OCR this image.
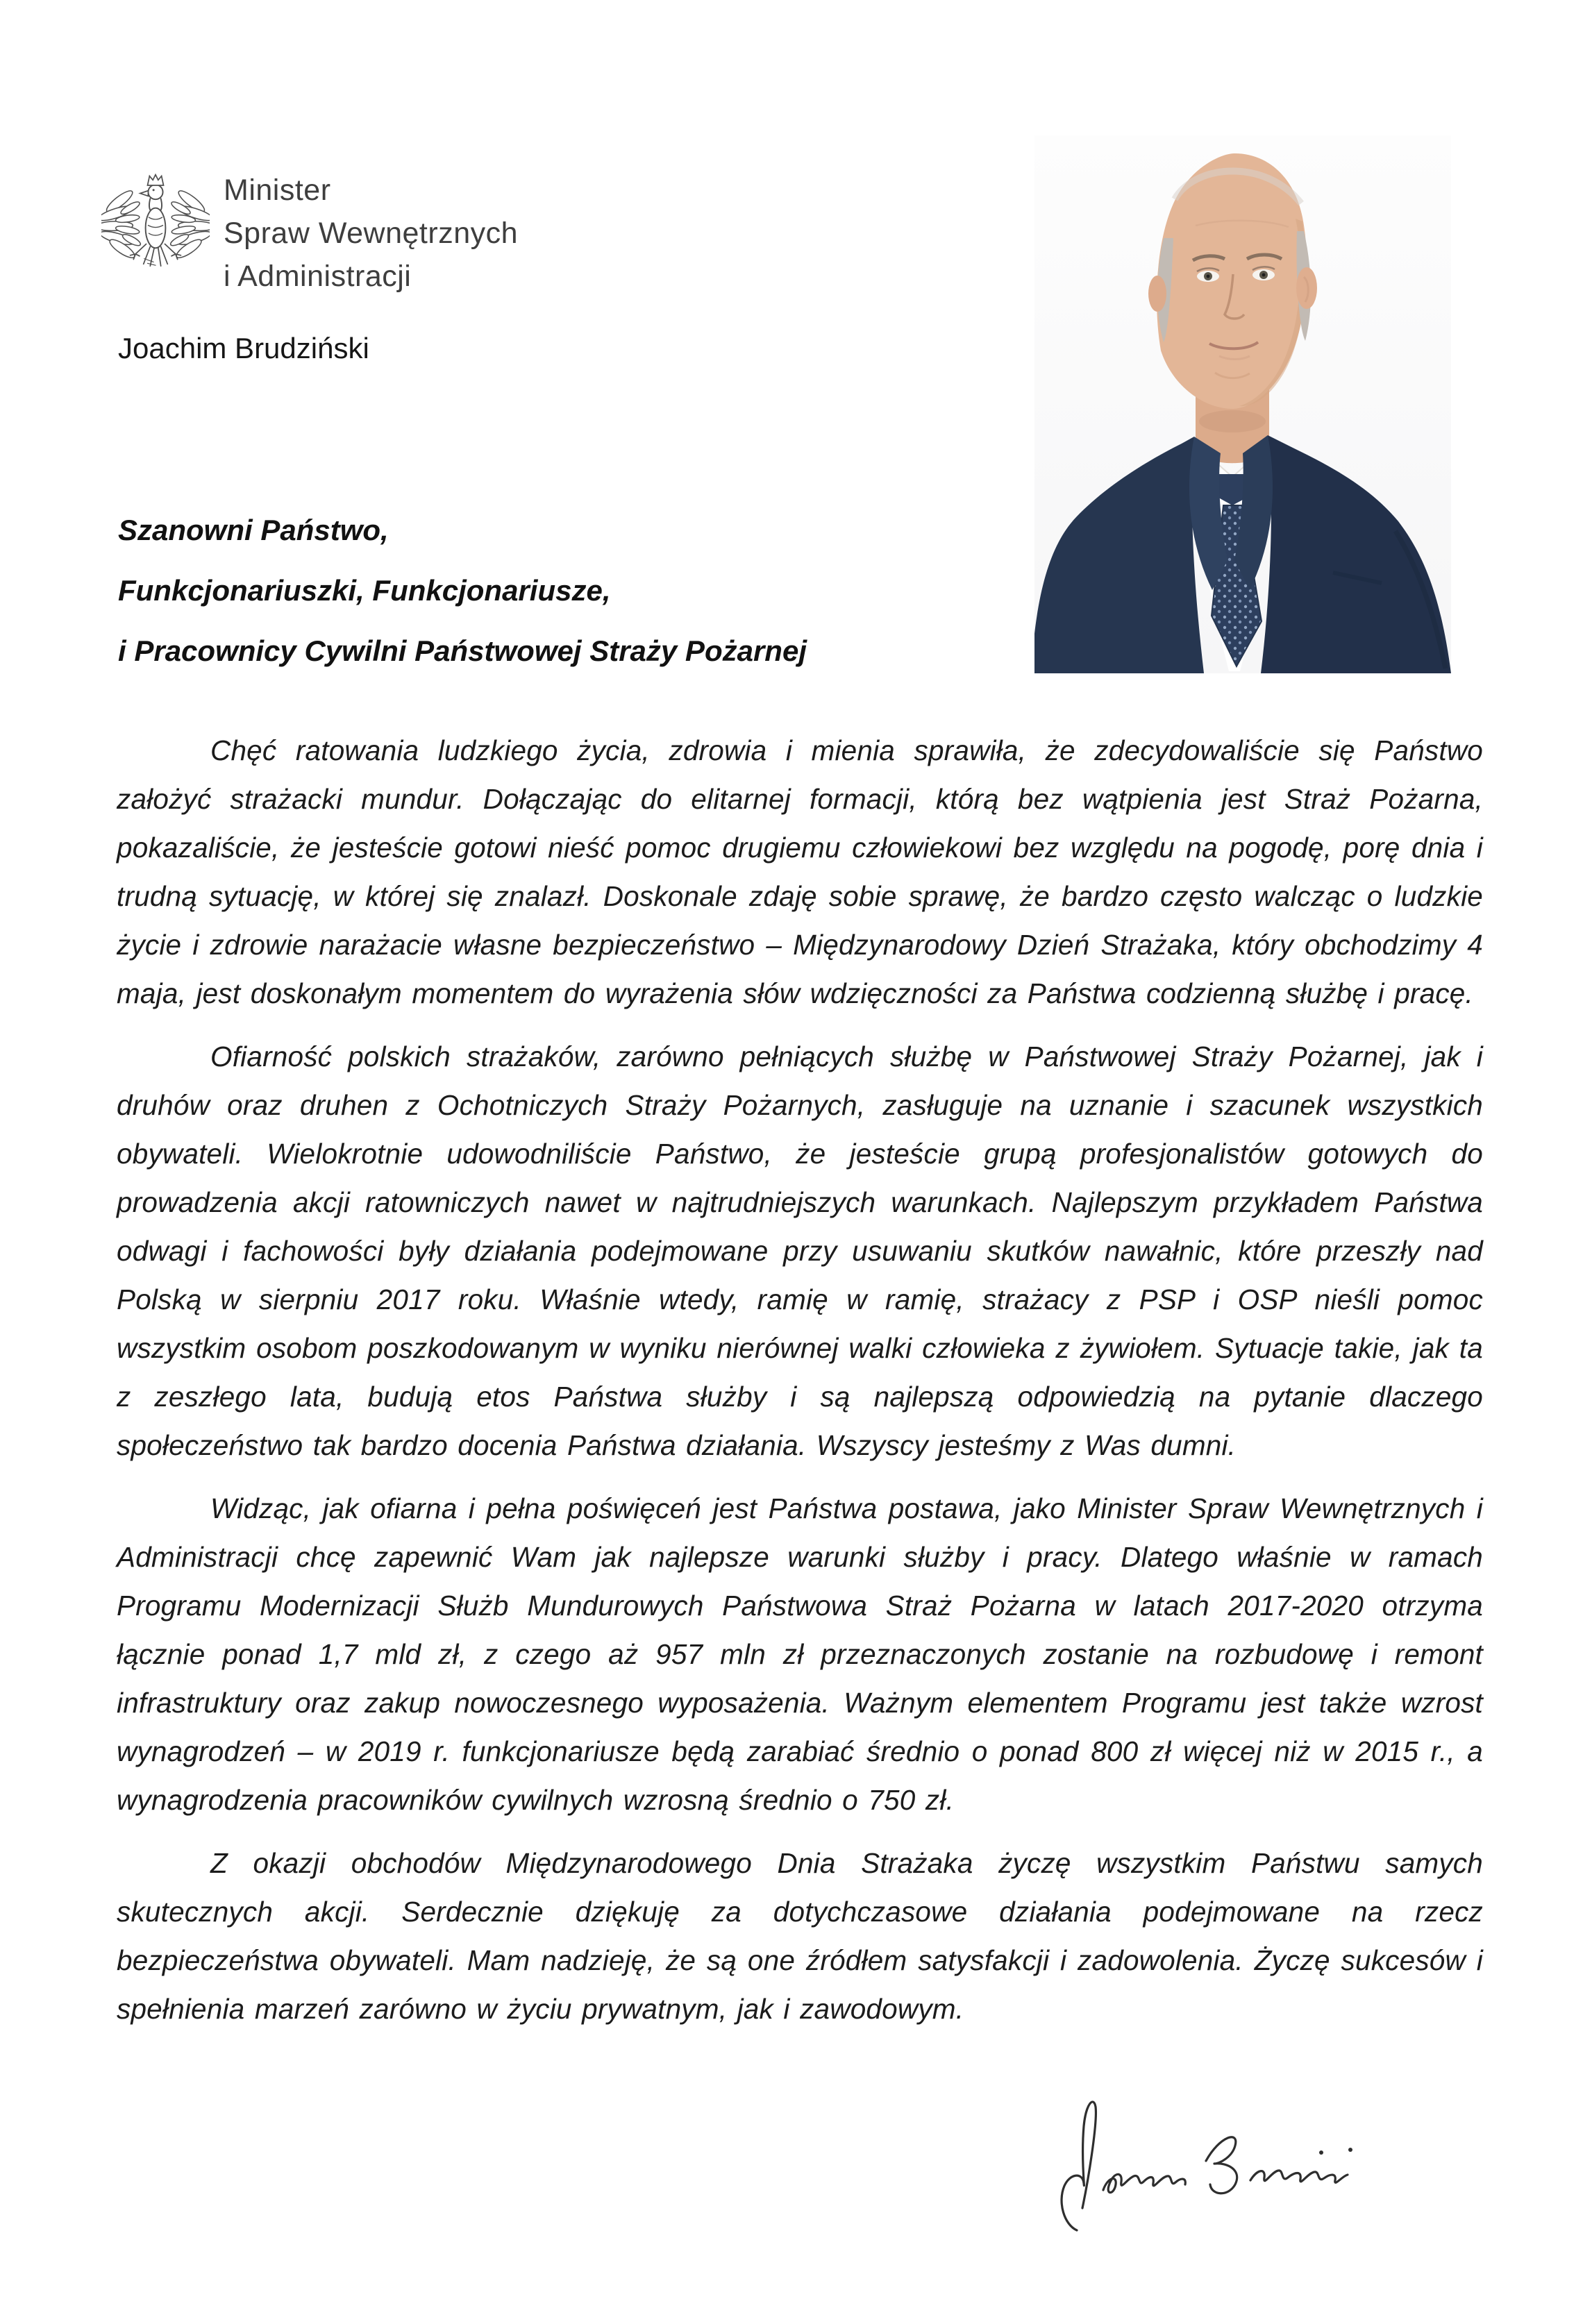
Minister
Spraw Wewnętrznych
i Administracji
Joachim Brudziński
Szanowni Państwo,
Funkcjonariuszki, Funkcjonariusze,
i Pracownicy Cywilni Państwowej Straży Pożarnej

Chęć ratowania ludzkiego życia, zdrowia i mienia sprawiła, że zdecydowaliście się Państwo założyć strażacki mundur. Dołączając do elitarnej formacji, którą bez wątpienia jest Straż Pożarna, pokazaliście, że jesteście gotowi nieść pomoc drugiemu człowiekowi bez względu na pogodę, porę dnia i trudną sytuację, w której się znalazł. Doskonale zdaję sobie sprawę, że bardzo często walcząc o ludzkie życie i zdrowie narażacie własne bezpieczeństwo – Międzynarodowy Dzień Strażaka, który obchodzimy 4 maja, jest doskonałym momentem do wyrażenia słów wdzięczności za Państwa codzienną służbę i pracę.

Ofiarność polskich strażaków, zarówno pełniących służbę w Państwowej Straży Pożarnej, jak i druhów oraz druhen z Ochotniczych Straży Pożarnych, zasługuje na uznanie i szacunek wszystkich obywateli. Wielokrotnie udowodniliście Państwo, że jesteście grupą profesjonalistów gotowych do prowadzenia akcji ratowniczych nawet w najtrudniejszych warunkach. Najlepszym przykładem Państwa odwagi i fachowości były działania podejmowane przy usuwaniu skutków nawałnic, które przeszły nad Polską w sierpniu 2017 roku. Właśnie wtedy, ramię w ramię, strażacy z PSP i OSP nieśli pomoc wszystkim osobom poszkodowanym w wyniku nierównej walki człowieka z żywiołem. Sytuacje takie, jak ta z zeszłego lata, budują etos Państwa służby i są najlepszą odpowiedzią na pytanie dlaczego społeczeństwo tak bardzo docenia Państwa działania. Wszyscy jesteśmy z Was dumni.

Widząc, jak ofiarna i pełna poświęceń jest Państwa postawa, jako Minister Spraw Wewnętrznych i Administracji chcę zapewnić Wam jak najlepsze warunki służby i pracy. Dlatego właśnie w ramach Programu Modernizacji Służb Mundurowych Państwowa Straż Pożarna w latach 2017-2020 otrzyma łącznie ponad 1,7 mld zł, z czego aż 957 mln zł przeznaczonych zostanie na rozbudowę i remont infrastruktury oraz zakup nowoczesnego wyposażenia. Ważnym elementem Programu jest także wzrost wynagrodzeń – w 2019 r. funkcjonariusze będą zarabiać średnio o ponad 800 zł więcej niż w 2015 r., a wynagrodzenia pracowników cywilnych wzrosną średnio o 750 zł.

Z okazji obchodów Międzynarodowego Dnia Strażaka życzę wszystkim Państwu samych skutecznych akcji. Serdecznie dziękuję za dotychczasowe działania podejmowane na rzecz bezpieczeństwa obywateli. Mam nadzieję, że są one źródłem satysfakcji i zadowolenia. Życzę sukcesów i spełnienia marzeń zarówno w życiu prywatnym, jak i zawodowym.
